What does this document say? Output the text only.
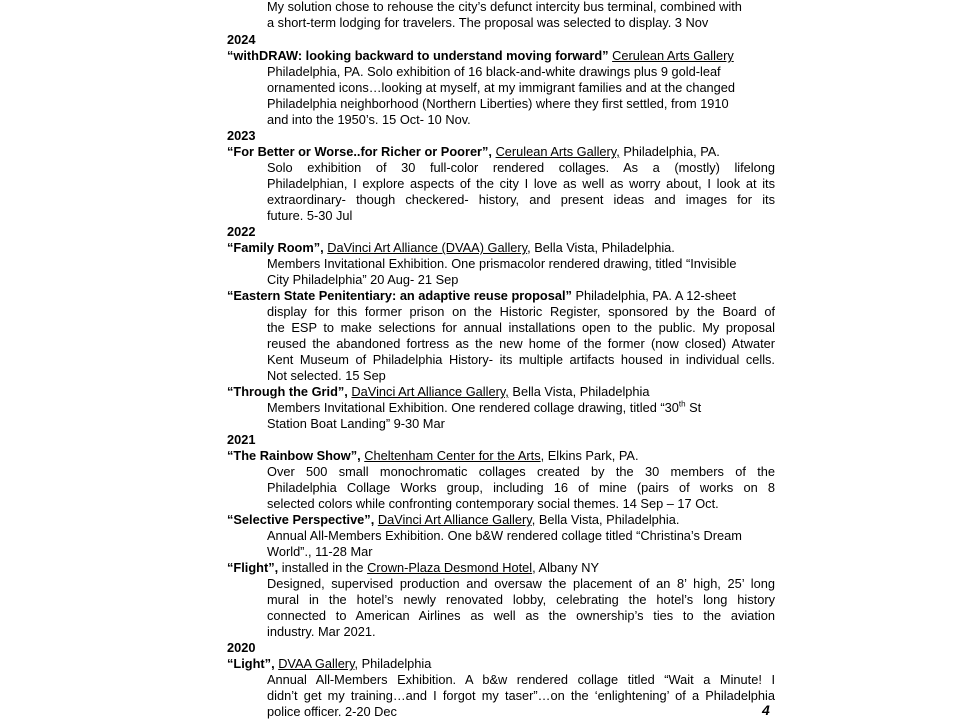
My solution chose to rehouse the city’s defunct intercity bus terminal, combined with
a short-term lodging for travelers. The proposal was selected to display. 3 Nov
2024
“withDRAW: looking backward to understand moving forward” Cerulean Arts Gallery
Philadelphia, PA. Solo exhibition of 16 black-and-white drawings plus 9 gold-leaf
ornamented icons…looking at myself, at my immigrant families and at the changed
Philadelphia neighborhood (Northern Liberties) where they first settled, from 1910
and into the 1950’s. 15 Oct- 10 Nov.
2023
“For Better or Worse..for Richer or Poorer”, Cerulean Arts Gallery, Philadelphia, PA.
Solo exhibition of 30 full-color rendered collages. As a (mostly) lifelong
Philadelphian, I explore aspects of the city I love as well as worry about, I look at its
extraordinary- though checkered- history, and present ideas and images for its
future. 5-30 Jul
2022
“Family Room”, DaVinci Art Alliance (DVAA) Gallery, Bella Vista, Philadelphia.
Members Invitational Exhibition. One prismacolor rendered drawing, titled “Invisible
City Philadelphia” 20 Aug- 21 Sep
“Eastern State Penitentiary: an adaptive reuse proposal” Philadelphia, PA. A 12-sheet
display for this former prison on the Historic Register, sponsored by the Board of
the ESP to make selections for annual installations open to the public. My proposal
reused the abandoned fortress as the new home of the former (now closed) Atwater
Kent Museum of Philadelphia History- its multiple artifacts housed in individual cells.
Not selected. 15 Sep
“Through the Grid”, DaVinci Art Alliance Gallery, Bella Vista, Philadelphia
Members Invitational Exhibition. One rendered collage drawing, titled “30th St
Station Boat Landing” 9-30 Mar
2021
“The Rainbow Show”, Cheltenham Center for the Arts, Elkins Park, PA.
Over 500 small monochromatic collages created by the 30 members of the
Philadelphia Collage Works group, including 16 of mine (pairs of works on 8
selected colors while confronting contemporary social themes. 14 Sep – 17 Oct.
“Selective Perspective”, DaVinci Art Alliance Gallery, Bella Vista, Philadelphia.
Annual All-Members Exhibition. One b&W rendered collage titled “Christina’s Dream
World”., 11-28 Mar
“Flight”, installed in the Crown-Plaza Desmond Hotel, Albany NY
Designed, supervised production and oversaw the placement of an 8’ high, 25’ long
mural in the hotel’s newly renovated lobby, celebrating the hotel’s long history
connected to American Airlines as well as the ownership’s ties to the aviation
industry. Mar 2021.
2020
“Light”, DVAA Gallery, Philadelphia
Annual All-Members Exhibition. A b&w rendered collage titled “Wait a Minute! I
didn’t get my training…and I forgot my taser”…on the ‘enlightening’ of a Philadelphia
police officer. 2-20 Dec	4
